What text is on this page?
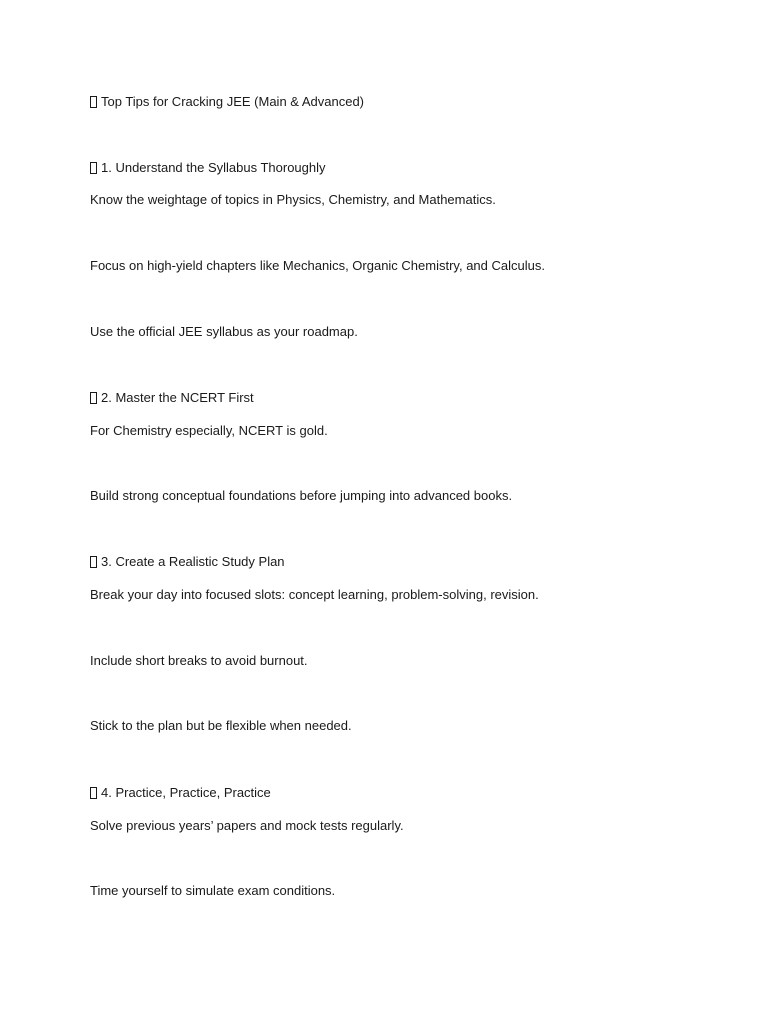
Top Tips for Cracking JEE (Main & Advanced)
1. Understand the Syllabus Thoroughly
Know the weightage of topics in Physics, Chemistry, and Mathematics.
Focus on high-yield chapters like Mechanics, Organic Chemistry, and Calculus.
Use the official JEE syllabus as your roadmap.
2. Master the NCERT First
For Chemistry especially, NCERT is gold.
Build strong conceptual foundations before jumping into advanced books.
3. Create a Realistic Study Plan
Break your day into focused slots: concept learning, problem-solving, revision.
Include short breaks to avoid burnout.
Stick to the plan but be flexible when needed.
4. Practice, Practice, Practice
Solve previous years’ papers and mock tests regularly.
Time yourself to simulate exam conditions.
